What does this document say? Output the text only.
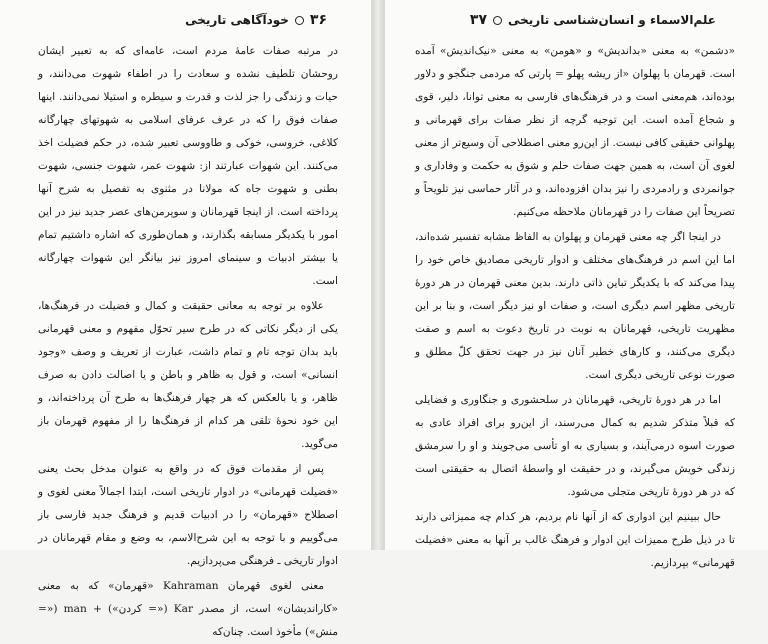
۳۶
خودآگاهی تاریخی

در مرتبه صفات عامهٔ مردم است، عامه‌ای که به تعبیر ایشان روحشان تلطیف نشده و سعادت را در اطفاء شهوت می‌دانند، و حیات و زندگی را جز لذت و قدرت و سیطره و استیلا نمی‌دانند. اینها صفات فوق را که در عرف عرفای اسلامی به شهوتهای چهارگانه کلاغی، خروسی، خوکی و طاووسی تعبیر شده، در حکم فضیلت اخذ می‌کنند. این شهوات عبارتند از: شهوت عمر، شهوت جنسی، شهوت بطنی و شهوت جاه که مولانا در مثنوی به تفصیل به شرح آنها پرداخته است. از اینجا قهرمانان و سوپرمن‌های عصر جدید نیز در این امور با یکدیگر مسابقه بگذارند، و همان‌طوری که اشاره داشتیم تمام یا بیشتر ادبیات و سینمای امروز نیز بیانگر این شهوات چهارگانه است.

علاوه بر توجه به معانی حقیقت و کمال و فضیلت در فرهنگ‌ها، یکی از دیگر نکاتی که در طرح سیر تحوّل مفهوم و معنی قهرمانی باید بدان توجه تام و تمام داشت، عبارت از تعریف و وصف «وجود انسانی» است، و قول به ظاهر و باطن و یا اصالت دادن به صرف ظاهر، و یا بالعکس که هر چهار فرهنگ‌ها به طرح آن پرداخته‌اند، و این خود نحوهٔ تلقی هر کدام از فرهنگ‌ها را از مفهوم قهرمان باز می‌گوید.

پس از مقدمات فوق که در واقع به عنوان مدخل بحث یعنی «فضیلت قهرمانی» در ادوار تاریخی است، ابتدا اجمالاً معنی لغوی و اصطلاح «قهرمان» را در ادبیات قدیم و فرهنگ جدید فارسی باز می‌گوییم و با توجه به این شرح‌الاسم، به وضع و مقام قهرمانان در ادوار تاریخی ـ فرهنگی می‌پردازیم.

معنی لغوی قهرمان Kahraman «قهرمان» که به معنی «کاراندیشان» است، از مصدر Kar («= کردن») + man («= منش») مأخوذ است. چنان‌که

علم‌الاسماء و انسان‌شناسی تاریخی
۳۷

«دشمن» به معنی «بداندیش» و «هومن» به معنی «نیک‌اندیش» آمده است. قهرمان با پهلوان «از ریشه پهلو = پارتی که مردمی جنگجو و دلاور بوده‌اند، هم‌معنی است و در فرهنگ‌های فارسی به معنی توانا، دلیر، قوی و شجاع آمده است. این توجیه گرچه از نظر صفات برای قهرمانی و پهلوانی حقیقی کافی نیست. از این‌رو معنی اصطلاحی آن وسیع‌تر از معنی لغوی آن است، به همین جهت صفات حلم و شوق به حکمت و وفاداری و جوانمردی و رادمردی را نیز بدان افزوده‌اند، و در آثار حماسی نیز تلویحاً و تصریحاً این صفات را در قهرمانان ملاحظه می‌کنیم.

در اینجا اگر چه معنی قهرمان و پهلوان به الفاظ مشابه تفسیر شده‌اند، اما این اسم در فرهنگ‌های مختلف و ادوار تاریخی مصادیق خاص خود را پیدا می‌کند که با یکدیگر تباین ذاتی دارند. بدین معنی قهرمان در هر دورهٔ تاریخی مظهر اسم دیگری است، و صفات او نیز دیگر است، و بنا بر این مظهریت تاریخی، قهرمانان به نوبت در تاریخ دعوت به اسم و صفت دیگری می‌کنند، و کارهای خطیر آنان نیز در جهت تحقق کلّ مطلق و صورت نوعی تاریخی دیگری است.

اما در هر دورهٔ تاریخی، قهرمانان در سلحشوری و جنگاوری و فضایلی که قبلاً متذکر شدیم به کمال می‌رسند، از این‌رو برای افراد عادی به صورت اسوه درمی‌آیند، و بسیاری به او تأسی می‌جویند و او را سرمشق زندگی خویش می‌گیرند، و در حقیقت او واسطهٔ اتصال به حقیقتی است که در هر دورهٔ تاریخی متجلی می‌شود.

حال ببینیم این ادواری که از آنها نام بردیم، هر کدام چه ممیزاتی دارند تا در ذیل طرح ممیزات این ادوار و فرهنگ غالب بر آنها به معنی «فضیلت قهرمانی» بپردازیم.
